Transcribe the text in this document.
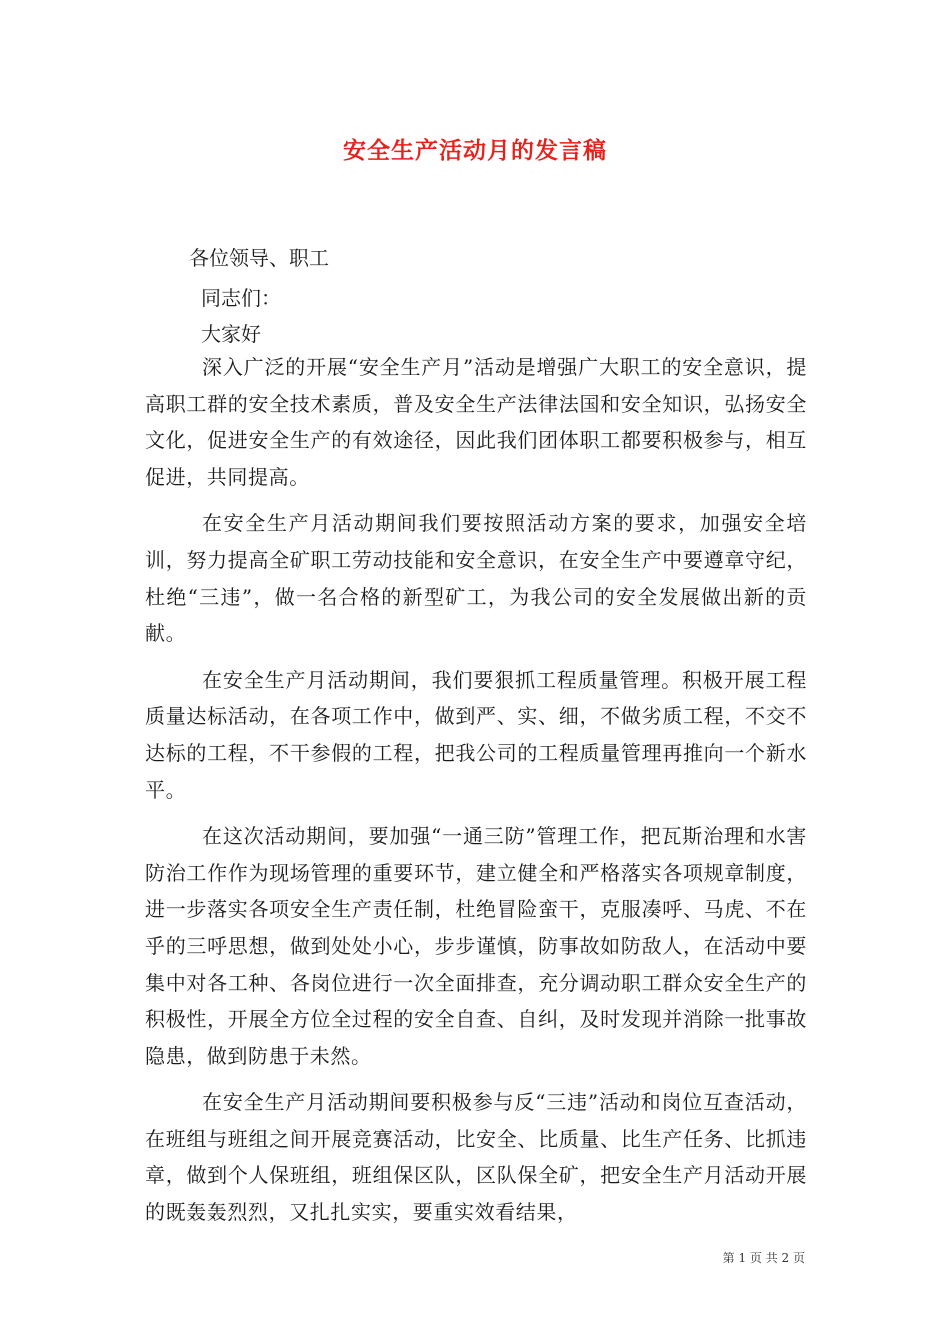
安全生产活动月的发言稿
各位领导、职工
同志们：
大家好

深入广泛的开展“安全生产月”活动是增强广大职工的安全意识，提高职工群的安全技术素质，普及安全生产法律法国和安全知识，弘扬安全文化，促进安全生产的有效途径，因此我们团体职工都要积极参与，相互促进，共同提高。

在安全生产月活动期间我们要按照活动方案的要求，加强安全培训，努力提高全矿职工劳动技能和安全意识，在安全生产中要遵章守纪，杜绝“三违”，做一名合格的新型矿工，为我公司的安全发展做出新的贡献。

在安全生产月活动期间，我们要狠抓工程质量管理。积极开展工程质量达标活动，在各项工作中，做到严、实、细，不做劣质工程，不交不达标的工程，不干参假的工程，把我公司的工程质量管理再推向一个新水平。

在这次活动期间，要加强“一通三防”管理工作，把瓦斯治理和水害防治工作作为现场管理的重要环节，建立健全和严格落实各项规章制度，进一步落实各项安全生产责任制，杜绝冒险蛮干，克服凑呼、马虎、不在乎的三呼思想，做到处处小心，步步谨慎，防事故如防敌人，在活动中要集中对各工种、各岗位进行一次全面排查，充分调动职工群众安全生产的积极性，开展全方位全过程的安全自查、自纠，及时发现并消除一批事故隐患，做到防患于未然。

在安全生产月活动期间要积极参与反“三违”活动和岗位互查活动，在班组与班组之间开展竞赛活动，比安全、比质量、比生产任务、比抓违章，做到个人保班组，班组保区队，区队保全矿，把安全生产月活动开展的既轰轰烈烈，又扎扎实实，要重实效看结果，

第 1 页 共 2 页
